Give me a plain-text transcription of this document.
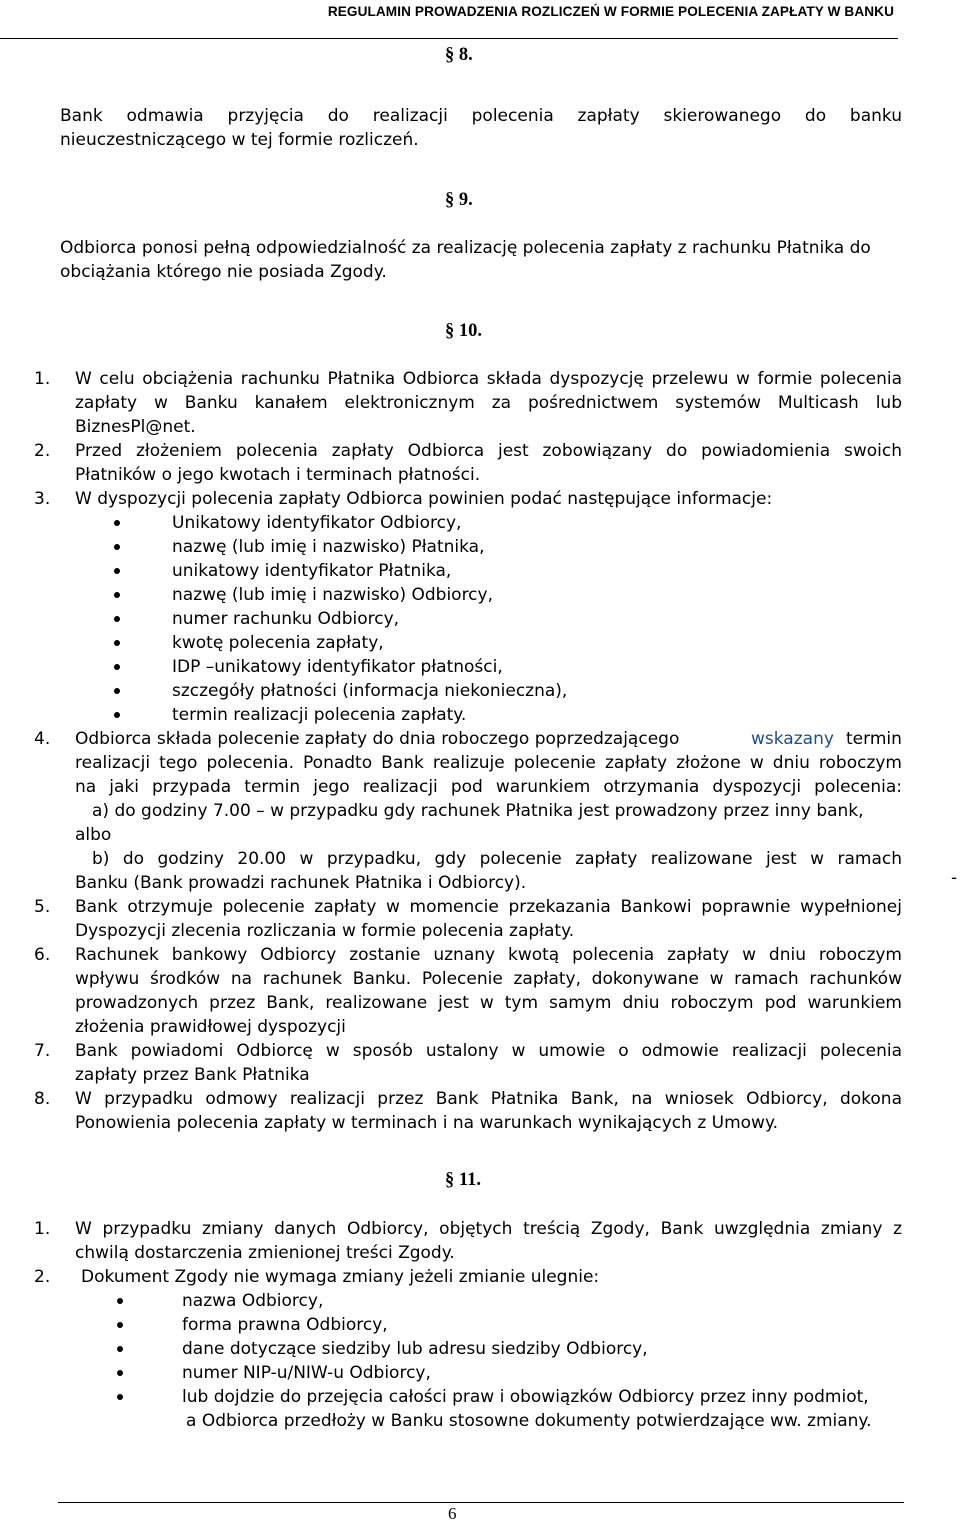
REGULAMIN PROWADZENIA ROZLICZEŃ W FORMIE POLECENIA ZAPŁATY W BANKU
§ 8.
Bank odmawia przyjęcia do realizacji polecenia zapłaty skierowanego do banku
nieuczestniczącego w tej formie rozliczeń.
§ 9.
Odbiorca ponosi pełną odpowiedzialność za realizację polecenia zapłaty z rachunku Płatnika do
obciążania którego nie posiada Zgody.
§ 10.
1. W celu obciążenia rachunku Płatnika Odbiorca składa dyspozycję przelewu w formie polecenia
zapłaty w Banku kanałem elektronicznym za pośrednictwem systemów Multicash lub
BiznesPl@net.
2. Przed złożeniem polecenia zapłaty Odbiorca jest zobowiązany do powiadomienia swoich
Płatników o jego kwotach i terminach płatności.
3. W dyspozycji polecenia zapłaty Odbiorca powinien podać następujące informacje:
Unikatowy identyfikator Odbiorcy,
nazwę (lub imię i nazwisko) Płatnika,
unikatowy identyfikator Płatnika,
nazwę (lub imię i nazwisko) Odbiorcy,
numer rachunku Odbiorcy,
kwotę polecenia zapłaty,
IDP –unikatowy identyfikator płatności,
szczegóły płatności (informacja niekonieczna),
termin realizacji polecenia zapłaty.
4. Odbiorca składa polecenie zapłaty do dnia roboczego poprzedzającego	wskazany termin
realizacji tego polecenia. Ponadto Bank realizuje polecenie zapłaty złożone w dniu roboczym
na jaki przypada termin jego realizacji pod warunkiem otrzymania dyspozycji polecenia:
a) do godziny 7.00 – w przypadku gdy rachunek Płatnika jest prowadzony przez inny bank,
albo
b) do godziny 20.00 w przypadku, gdy polecenie zapłaty realizowane jest w ramach
Banku (Bank prowadzi rachunek Płatnika i Odbiorcy).	-
5. Bank otrzymuje polecenie zapłaty w momencie przekazania Bankowi poprawnie wypełnionej
Dyspozycji zlecenia rozliczania w formie polecenia zapłaty.
6. Rachunek bankowy Odbiorcy zostanie uznany kwotą polecenia zapłaty w dniu roboczym
wpływu środków na rachunek Banku. Polecenie zapłaty, dokonywane w ramach rachunków
prowadzonych przez Bank, realizowane jest w tym samym dniu roboczym pod warunkiem
złożenia prawidłowej dyspozycji
7. Bank powiadomi Odbiorcę w sposób ustalony w umowie o odmowie realizacji polecenia
zapłaty przez Bank Płatnika
8. W przypadku odmowy realizacji przez Bank Płatnika Bank, na wniosek Odbiorcy, dokona
Ponowienia polecenia zapłaty w terminach i na warunkach wynikających z Umowy.
§ 11.
1. W przypadku zmiany danych Odbiorcy, objętych treścią Zgody, Bank uwzględnia zmiany z
chwilą dostarczenia zmienionej treści Zgody.
2. Dokument Zgody nie wymaga zmiany jeżeli zmianie ulegnie:
nazwa Odbiorcy,
forma prawna Odbiorcy,
dane dotyczące siedziby lub adresu siedziby Odbiorcy,
numer NIP-u/NIW-u Odbiorcy,
lub dojdzie do przejęcia całości praw i obowiązków Odbiorcy przez inny podmiot,
a Odbiorca przedłoży w Banku stosowne dokumenty potwierdzające ww. zmiany.
6
